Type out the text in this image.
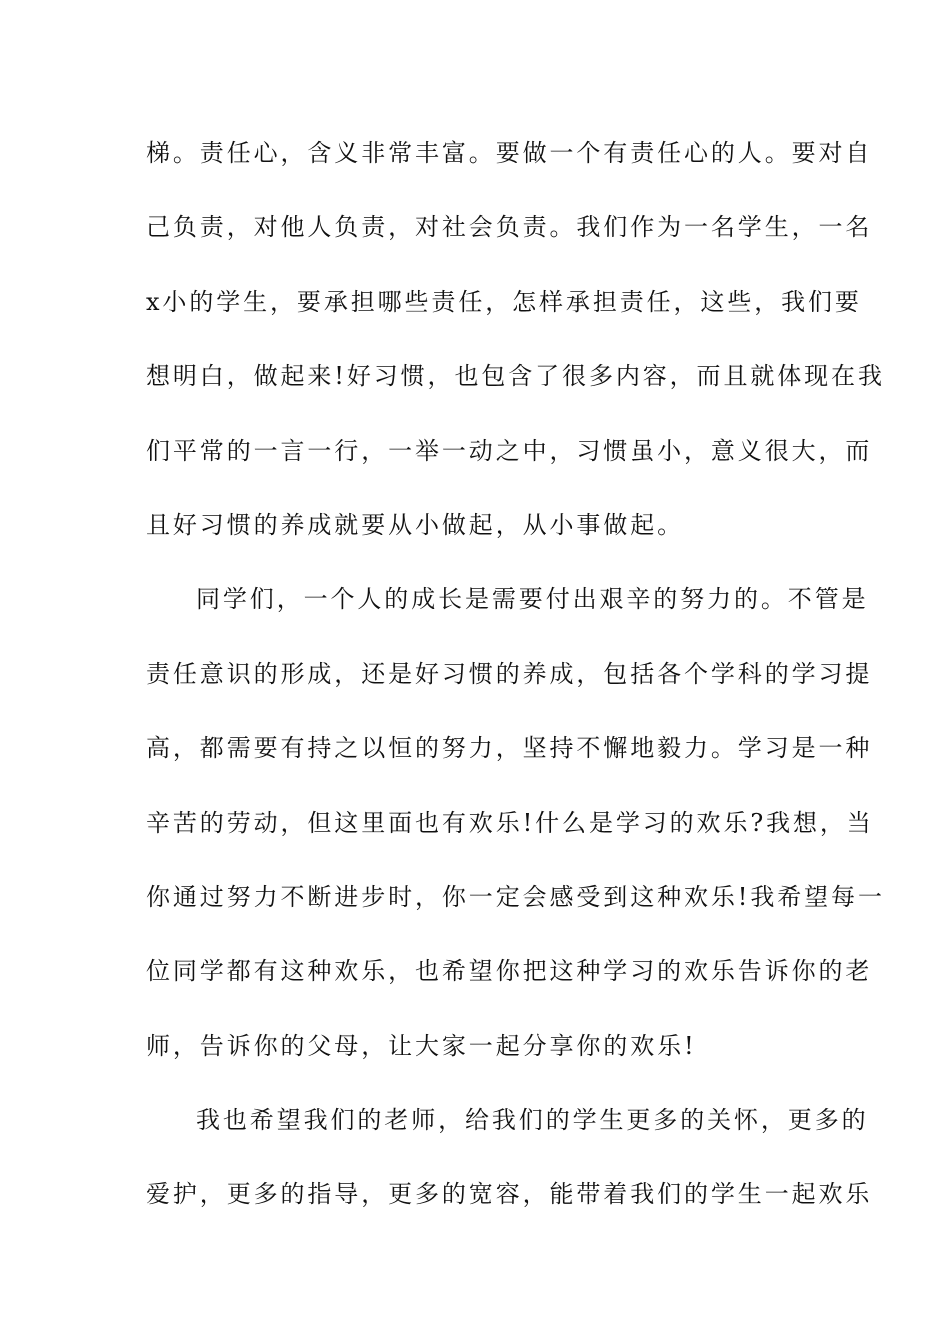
梯。责任心，含义非常丰富。要做一个有责任心的人。要对自
己负责，对他人负责，对社会负责。我们作为一名学生，一名
x小的学生，要承担哪些责任，怎样承担责任，这些，我们要
想明白，做起来!好习惯，也包含了很多内容，而且就体现在我
们平常的一言一行，一举一动之中，习惯虽小，意义很大，而
且好习惯的养成就要从小做起，从小事做起。
同学们，一个人的成长是需要付出艰辛的努力的。不管是
责任意识的形成，还是好习惯的养成，包括各个学科的学习提
高，都需要有持之以恒的努力，坚持不懈地毅力。学习是一种
辛苦的劳动，但这里面也有欢乐!什么是学习的欢乐?我想，当
你通过努力不断进步时，你一定会感受到这种欢乐!我希望每一
位同学都有这种欢乐，也希望你把这种学习的欢乐告诉你的老
师，告诉你的父母，让大家一起分享你的欢乐!
我也希望我们的老师，给我们的学生更多的关怀，更多的
爱护，更多的指导，更多的宽容，能带着我们的学生一起欢乐
